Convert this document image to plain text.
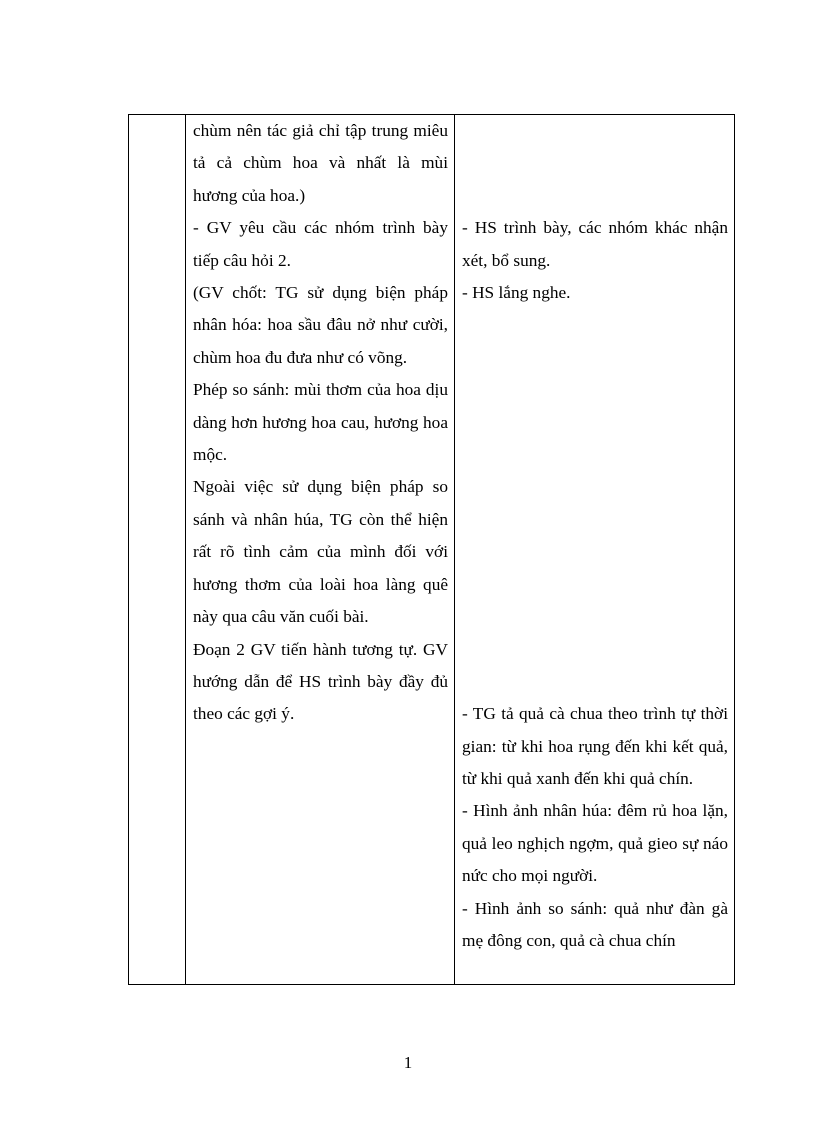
chùm nên tác giả chỉ tập trung miêu tả cả chùm hoa và nhất là mùi hương của hoa.)

- GV yêu cầu các nhóm trình bày tiếp câu hỏi 2.

(GV chốt: TG sử dụng biện pháp nhân hóa: hoa sầu đâu nở như cười, chùm hoa đu đưa như có võng.

Phép so sánh: mùi thơm của hoa dịu dàng hơn hương hoa cau, hương hoa mộc.

Ngoài việc sử dụng biện pháp so sánh và nhân húa, TG còn thể hiện rất rõ tình cảm của mình đối với hương thơm của loài hoa làng quê này qua câu văn cuối bài.

Đoạn 2 GV tiến hành tương tự. GV hướng dẫn để HS trình bày đầy đủ theo các gợi ý.

- HS trình bày, các nhóm khác nhận xét, bổ sung.

- HS lắng nghe.

- TG tả quả cà chua theo trình tự thời gian: từ khi hoa rụng đến khi kết quả, từ khi quả xanh đến khi quả chín.

- Hình ảnh nhân húa: đêm rủ hoa lặn, quả leo nghịch ngợm, quả gieo sự náo nức cho mọi người.

- Hình ảnh so sánh: quả như đàn gà mẹ đông con, quả cà chua chín

1
